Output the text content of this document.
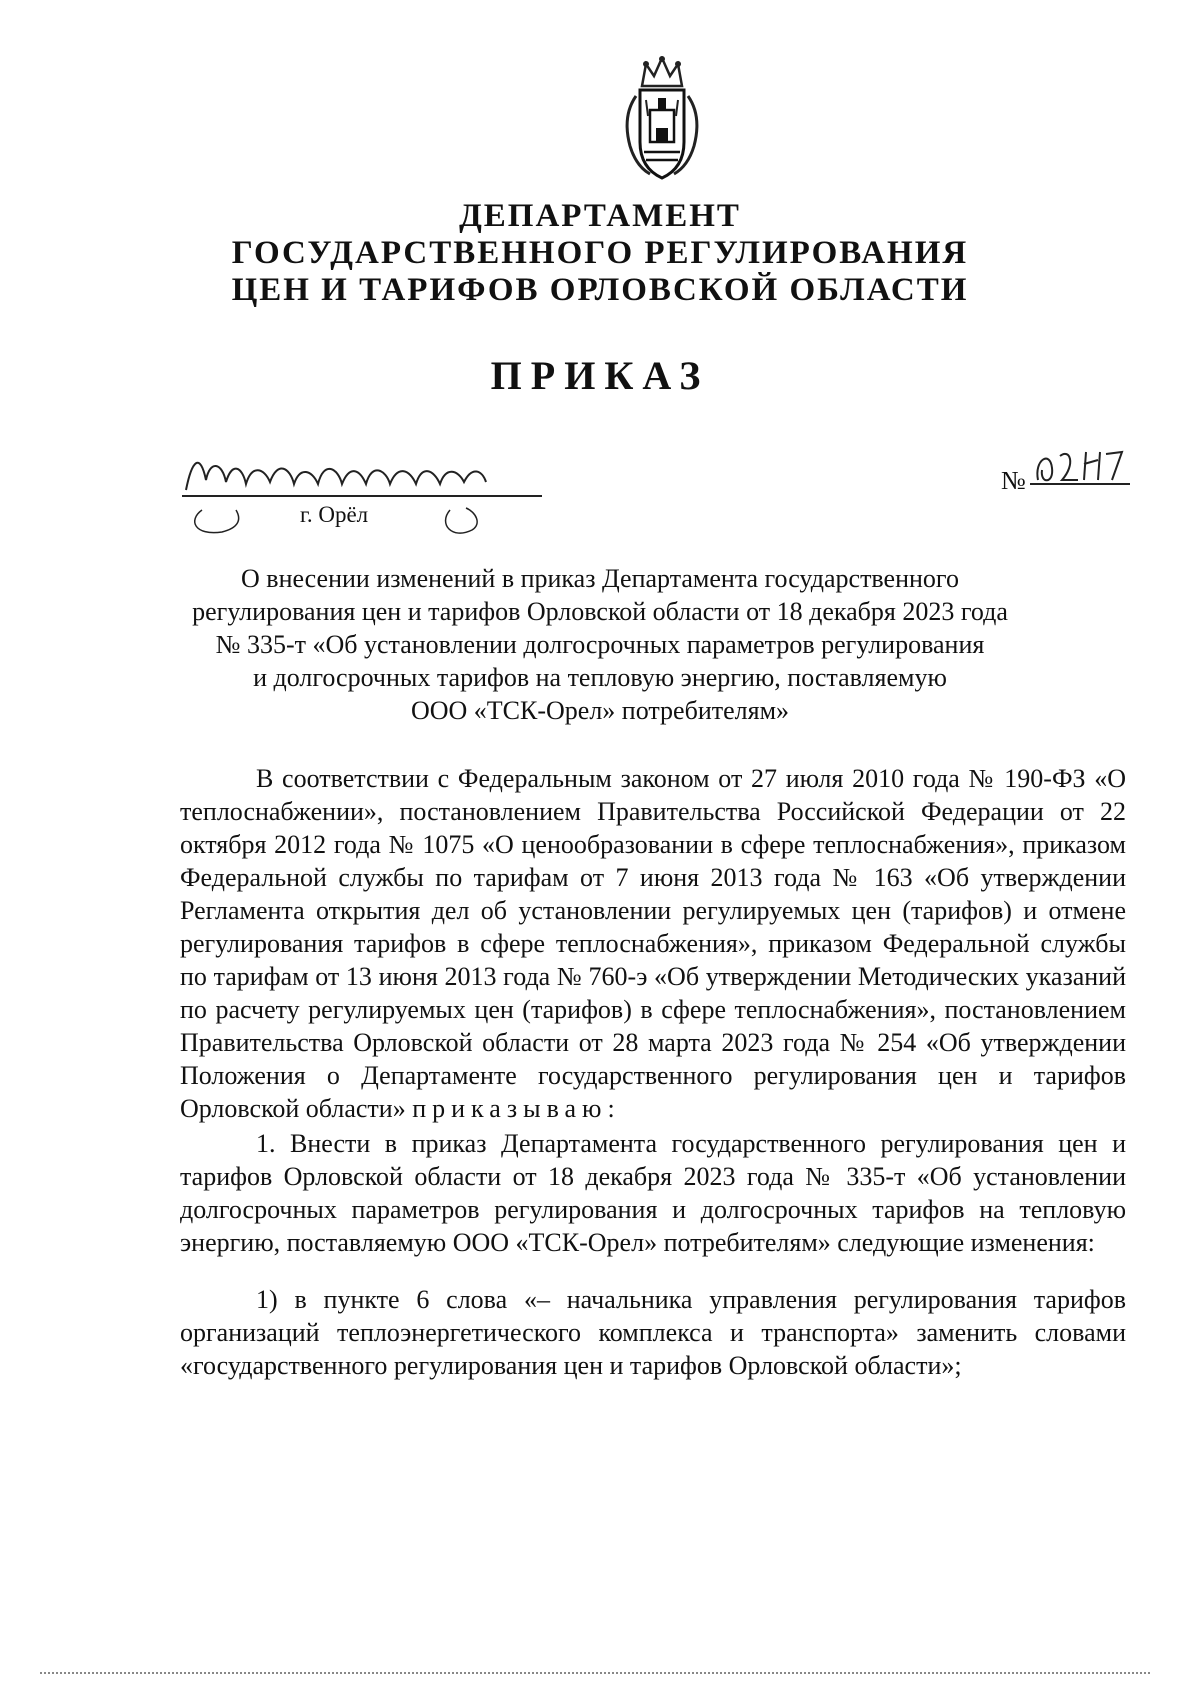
ДЕПАРТАМЕНТ
ГОСУДАРСТВЕННОГО РЕГУЛИРОВАНИЯ
ЦЕН И ТАРИФОВ ОРЛОВСКОЙ ОБЛАСТИ
ПРИКАЗ
г. Орёл
№
О внесении изменений в приказ Департамента государственного
регулирования цен и тарифов Орловской области от 18 декабря 2023 года
№ 335-т «Об установлении долгосрочных параметров регулирования
и долгосрочных тарифов на тепловую энергию, поставляемую
ООО «ТСК-Орел» потребителям»

В соответствии с Федеральным законом от 27 июля 2010 года № 190-ФЗ «О теплоснабжении», постановлением Правительства Российской Федерации от 22 октября 2012 года № 1075 «О ценообразовании в сфере теплоснабжения», приказом Федеральной службы по тарифам от 7 июня 2013 года № 163 «Об утверждении Регламента открытия дел об установлении регулируемых цен (тарифов) и отмене регулирования тарифов в сфере теплоснабжения», приказом Федеральной службы по тарифам от 13 июня 2013 года № 760-э «Об утверждении Методических указаний по расчету регулируемых цен (тарифов) в сфере теплоснабжения», постановлением Правительства Орловской области от 28 марта 2023 года № 254 «Об утверждении Положения о Департаменте государственного регулирования цен и тарифов Орловской области» приказываю:

1. Внести в приказ Департамента государственного регулирования цен и тарифов Орловской области от 18 декабря 2023 года № 335-т «Об установлении долгосрочных параметров регулирования и долгосрочных тарифов на тепловую энергию, поставляемую ООО «ТСК-Орел» потребителям» следующие изменения:

1) в пункте 6 слова «– начальника управления регулирования тарифов организаций теплоэнергетического комплекса и транспорта» заменить словами «государственного регулирования цен и тарифов Орловской области»;
